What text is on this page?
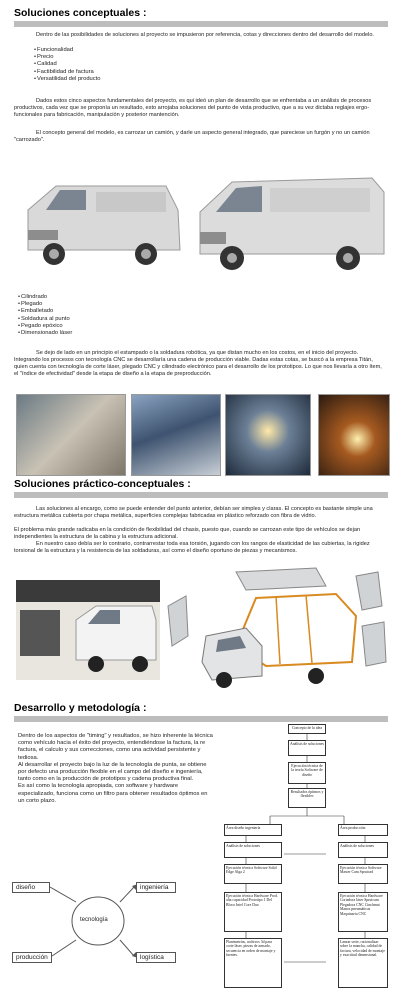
Soluciones conceptuales :
Dentro de las posibilidades de soluciones al proyecto se impusieron por referencia, cotas y direcciones dentro del desarrollo del modelo.
• Funcionalidad
• Precio
• Calidad
• Factibilidad de factura
• Versatilidad del producto
Dados estos cinco aspectos fundamentales del proyecto, es qui ideó un plan de desarrollo que se enfrentaba a un análisis de procesos productivos, cada vez que se proponía un resultado, esto arrojaba soluciones del punto de vista productivo, que a su vez dictaba reglajes ergo-funcionales para fabricación, manipulación y posterior mantención.
El concepto general del modelo, es carrozar un camión, y darle un aspecto general integrado, que pareciese un furgón y no un camión "carrozado".
• Cilindrado
• Plegado
• Emballetado
• Soldadura al punto
• Pegado epóxico
• Dimensionado láser
Se dejo de lado en un principio el estampado o la soldadura robótica, ya que distan mucho en los costos, en el inicio del proyecto. Integrando los procesos con tecnología CNC se desarrollaría una cadena de producción viable. Dadas estas cotas, se buscó a la empresa Titán, quien cuenta con tecnología de corte láser, plegado CNC y cilindrado electrónico para el desarrollo de los prototipos. Lo que nos llevaría a otro ítem, el "índice de efectividad" desde la etapa de diseño a la etapa de preproducción.
Soluciones práctico-conceptuales :
Las soluciones al encargo, como se puede entender del punto anterior, debían ser simples y claras. El concepto es bastante simple una estructura metálica cubierta por chapa metálica, superficies complejas fabricadas en plástico reforzado con fibra de vidrio.
El problema más grande radicaba en la condición de flexibilidad del chasis, puesto que, cuando se carrozan este tipo de vehículos se dejan independientes la estructura de la cabina y la estructura adicional.
En nuestro caso debía ser lo contrario, contrarrestar toda esa torsión, jugando con los rangos de elasticidad de las cubiertas, la rigidez torsional de la estructura y la resistencia de las soldaduras, así como el diseño oportuno de piezas y mecanismos.
Desarrollo y metodología :
Dentro de los aspectos de "timing" y resultados, se hizo inherente la técnica como vehículo hacia el éxito del proyecto, entendiéndose la factura, la re factura, el calculo y sus correcciones, como una actividad persistente y tediosa.
Al desarrollar el proyecto bajo la luz de la tecnología de punta, se obtiene por defecto una producción flexible en el campo del diseño e ingeniería, tanto como en la producción de prototipos y cadena productiva final.
Es así como la tecnología apropiada, con software y hardware especializado, funciona como un filtro para obtener resultados óptimos en un corto plazo.
tecnología
diseño	ingeniería
producción	logística
Concepto de la idea
Análisis de soluciones
Ejecución técnica de la teoría Software de diseño
Resultados óptimos y flexibles
Área diseño ingeniería
Análisis de soluciones
Ejecución técnica Software Solid Edge Alga 2
Ejecución técnica Hardware Prod. alta capacidad Prototipo 1 Del Bloco Intel Core Duo
Planimetrías, archivos 3d para corte láser, piezas de armado, secuencia en orden de montaje y fuentes.
Área producción
Análisis de soluciones
Ejecución técnica Software Master Cam Sprutcad
Ejecución técnica Hardware Cortadora láser Sprutcam Plegadora CNC Cinchmat Manos pneumáticas Maquinaria CNC
Lanzar serie, racionalizar sobre la mancha, calidad de factura, velocidad de montaje y exactitud dimensional.
